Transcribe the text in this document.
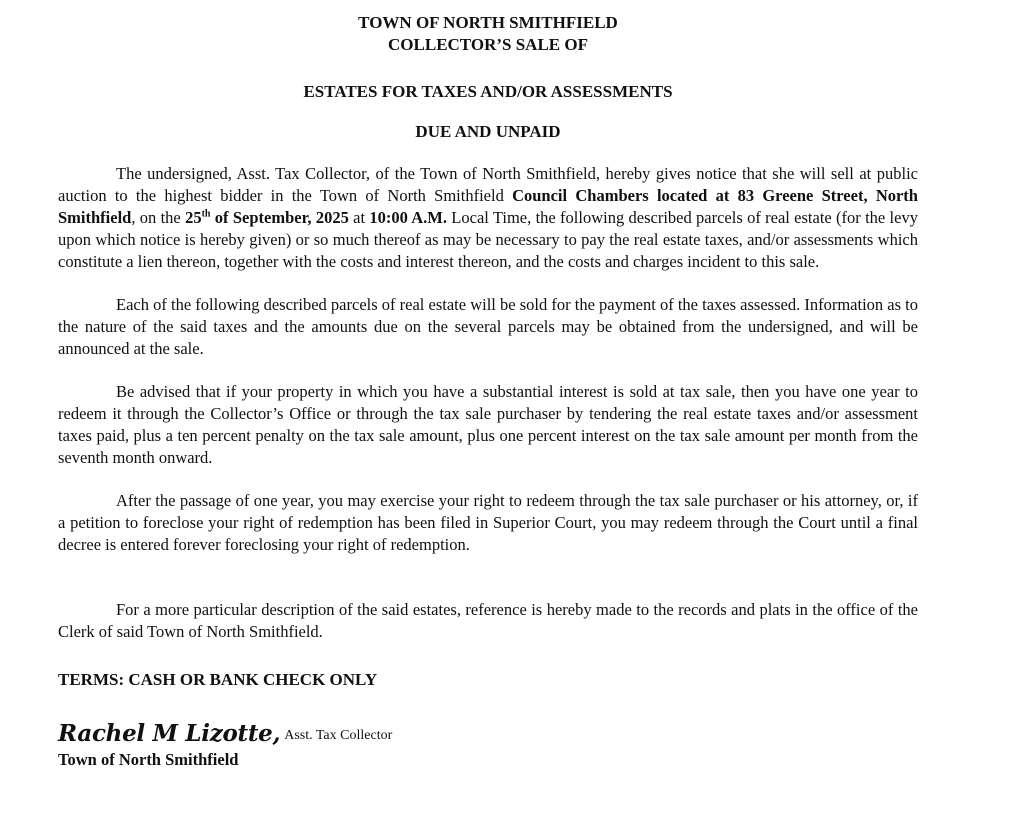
TOWN OF NORTH SMITHFIELD

COLLECTOR’S SALE OF

ESTATES FOR TAXES AND/OR ASSESSMENTS

DUE AND UNPAID

The undersigned, Asst. Tax Collector, of the Town of North Smithfield, hereby gives notice that she will sell at public auction to the highest bidder in the Town of North Smithfield Council Chambers located at 83 Greene Street, North Smithfield, on the 25th of September, 2025 at 10:00 A.M. Local Time, the following described parcels of real estate (for the levy upon which notice is hereby given) or so much thereof as may be necessary to pay the real estate taxes, and/or assessments which constitute a lien thereon, together with the costs and interest thereon, and the costs and charges incident to this sale.

Each of the following described parcels of real estate will be sold for the payment of the taxes assessed. Information as to the nature of the said taxes and the amounts due on the several parcels may be obtained from the undersigned, and will be announced at the sale.

Be advised that if your property in which you have a substantial interest is sold at tax sale, then you have one year to redeem it through the Collector’s Office or through the tax sale purchaser by tendering the real estate taxes and/or assessment taxes paid, plus a ten percent penalty on the tax sale amount, plus one percent interest on the tax sale amount per month from the seventh month onward.

After the passage of one year, you may exercise your right to redeem through the tax sale purchaser or his attorney, or, if a petition to foreclose your right of redemption has been filed in Superior Court, you may redeem through the Court until a final decree is entered forever foreclosing your right of redemption.

For a more particular description of the said estates, reference is hereby made to the records and plats in the office of the Clerk of said Town of North Smithfield.

TERMS: CASH OR BANK CHECK ONLY
Rachel M Lizotte, Asst. Tax Collector
Town of North Smithfield
